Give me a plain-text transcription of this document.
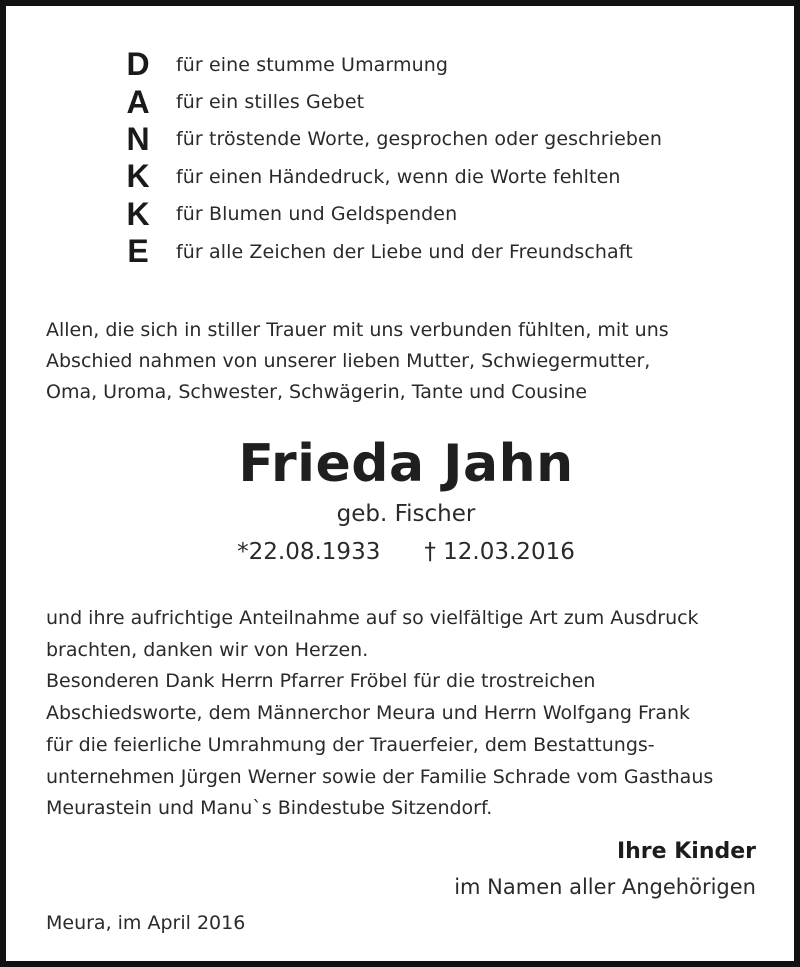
D	für eine stumme Umarmung
A	für ein stilles Gebet
N	für tröstende Worte, gesprochen oder geschrieben
K	für einen Händedruck, wenn die Worte fehlten
K	für Blumen und Geldspenden
E	für alle Zeichen der Liebe und der Freundschaft
Allen, die sich in stiller Trauer mit uns verbunden fühlten, mit uns
Abschied nahmen von unserer lieben Mutter, Schwiegermutter,
Oma, Uroma, Schwester, Schwägerin, Tante und Cousine
Frieda Jahn
geb. Fischer
*22.08.1933 † 12.03.2016
und ihre aufrichtige Anteilnahme auf so vielfältige Art zum Ausdruck
brachten, danken wir von Herzen.
Besonderen Dank Herrn Pfarrer Fröbel für die trostreichen
Abschiedsworte, dem Männerchor Meura und Herrn Wolfgang Frank
für die feierliche Umrahmung der Trauerfeier, dem Bestattungs-
unternehmen Jürgen Werner sowie der Familie Schrade vom Gasthaus
Meurastein und Manu`s Bindestube Sitzendorf.
Ihre Kinder
im Namen aller Angehörigen
Meura, im April 2016
